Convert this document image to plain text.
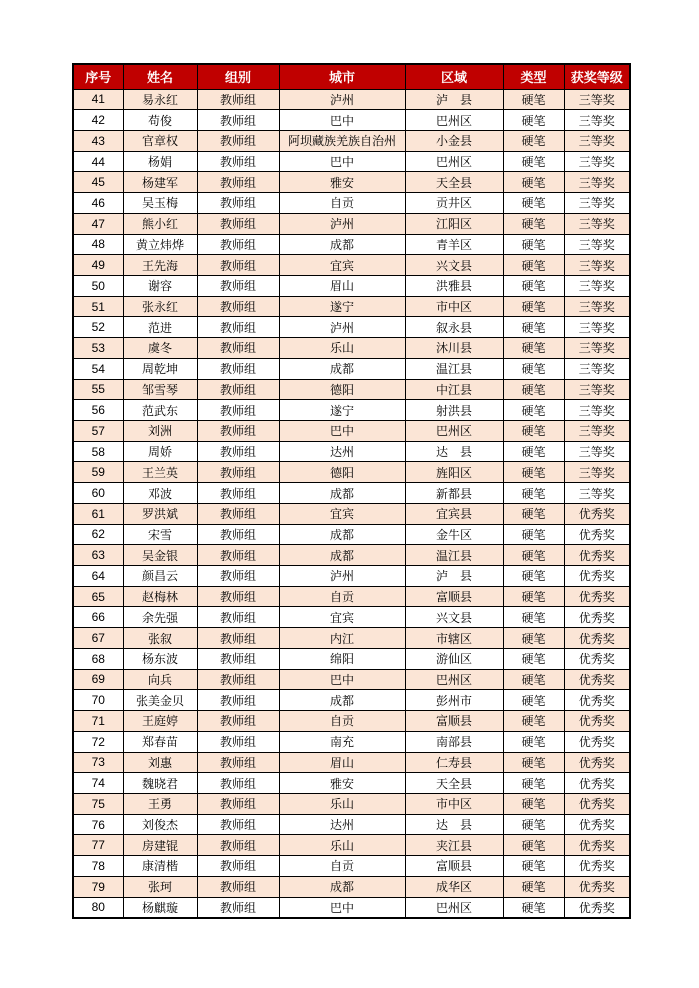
序号	姓名	组别	城市	区域	类型	获奖等级
41	易永红	教师组	泸州	泸　县	硬笔	三等奖
42	苟俊	教师组	巴中	巴州区	硬笔	三等奖
43	官章权	教师组	阿坝藏族羌族自治州	小金县	硬笔	三等奖
44	杨娟	教师组	巴中	巴州区	硬笔	三等奖
45	杨建军	教师组	雅安	天全县	硬笔	三等奖
46	吴玉梅	教师组	自贡	贡井区	硬笔	三等奖
47	熊小红	教师组	泸州	江阳区	硬笔	三等奖
48	黄立炜烨	教师组	成都	青羊区	硬笔	三等奖
49	王先海	教师组	宜宾	兴文县	硬笔	三等奖
50	谢容	教师组	眉山	洪雅县	硬笔	三等奖
51	张永红	教师组	遂宁	市中区	硬笔	三等奖
52	范进	教师组	泸州	叙永县	硬笔	三等奖
53	虞冬	教师组	乐山	沐川县	硬笔	三等奖
54	周乾坤	教师组	成都	温江县	硬笔	三等奖
55	邹雪琴	教师组	德阳	中江县	硬笔	三等奖
56	范武东	教师组	遂宁	射洪县	硬笔	三等奖
57	刘洲	教师组	巴中	巴州区	硬笔	三等奖
58	周娇	教师组	达州	达　县	硬笔	三等奖
59	王兰英	教师组	德阳	旌阳区	硬笔	三等奖
60	邓波	教师组	成都	新都县	硬笔	三等奖
61	罗洪斌	教师组	宜宾	宜宾县	硬笔	优秀奖
62	宋雪	教师组	成都	金牛区	硬笔	优秀奖
63	吴金银	教师组	成都	温江县	硬笔	优秀奖
64	颜昌云	教师组	泸州	泸　县	硬笔	优秀奖
65	赵梅林	教师组	自贡	富顺县	硬笔	优秀奖
66	余先强	教师组	宜宾	兴文县	硬笔	优秀奖
67	张叙	教师组	内江	市辖区	硬笔	优秀奖
68	杨东波	教师组	绵阳	游仙区	硬笔	优秀奖
69	向兵	教师组	巴中	巴州区	硬笔	优秀奖
70	张美金贝	教师组	成都	彭州市	硬笔	优秀奖
71	王庭婷	教师组	自贡	富顺县	硬笔	优秀奖
72	郑春苗	教师组	南充	南部县	硬笔	优秀奖
73	刘惠	教师组	眉山	仁寿县	硬笔	优秀奖
74	魏晓君	教师组	雅安	天全县	硬笔	优秀奖
75	王勇	教师组	乐山	市中区	硬笔	优秀奖
76	刘俊杰	教师组	达州	达　县	硬笔	优秀奖
77	房建锟	教师组	乐山	夹江县	硬笔	优秀奖
78	康清楷	教师组	自贡	富顺县	硬笔	优秀奖
79	张珂	教师组	成都	成华区	硬笔	优秀奖
80	杨麒璇	教师组	巴中	巴州区	硬笔	优秀奖
